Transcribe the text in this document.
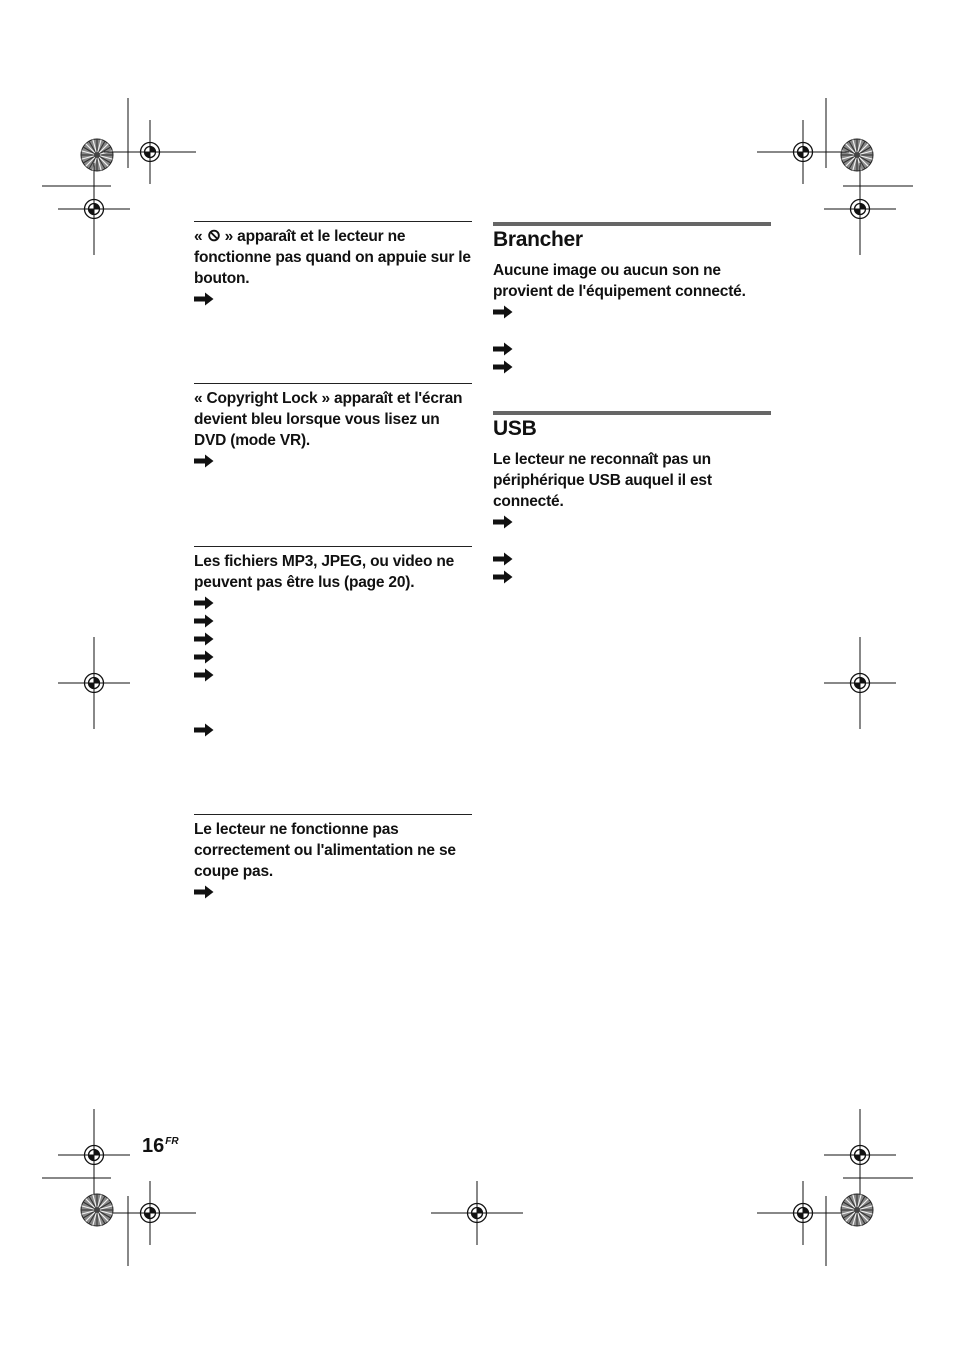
«  » apparaît et le lecteur ne fonctionne pas quand on appuie sur le bouton.

« Copyright Lock » apparaît et l'écran devient bleu lorsque vous lisez un DVD (mode VR).

Les fichiers MP3, JPEG, ou video ne peuvent pas être lus (page 20).

Le lecteur ne fonctionne pas correctement ou l'alimentation ne se coupe pas.

Brancher

Aucune image ou aucun son ne provient de l'équipement connecté.

USB

Le lecteur ne reconnaît pas un périphérique USB auquel il est connecté.

$16^{FR}$
